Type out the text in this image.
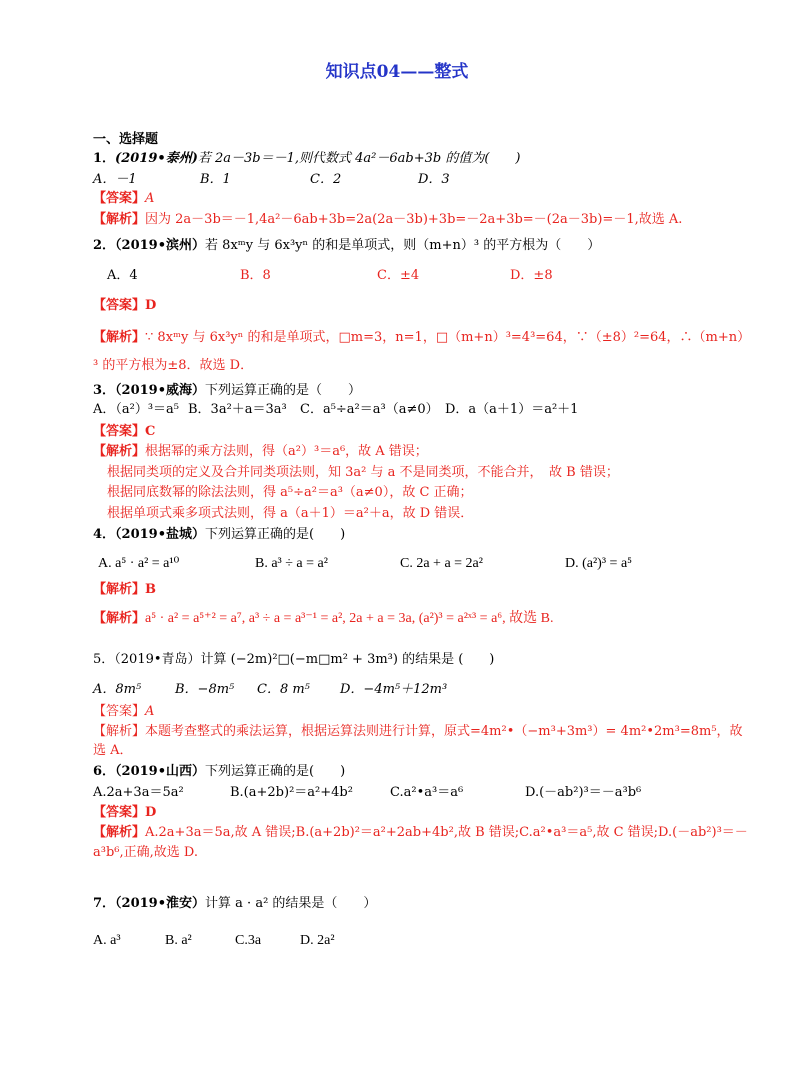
知识点04——整式
一、选择题
1．(2019•泰州)若 2a－3b＝－1,则代数式 4a²－6ab+3b 的值为(　　)
A．－1	B．1	C．2	D．3
【答案】A
【解析】因为 2a－3b＝－1,4a²－6ab+3b=2a(2a－3b)+3b=－2a+3b=－(2a－3b)=－1,故选 A.
2．（2019•滨州）若 8xᵐy 与 6x³yⁿ 的和是单项式，则（m+n）³ 的平方根为（　　）
A．4	B．8	C．±4	D．±8
【答案】D
【解析】∵ 8xᵐy 与 6x³yⁿ 的和是单项式，□m=3，n=1，□（m+n）³=4³=64，∵（±8）²=64，∴（m+n）
³ 的平方根为±8．故选 D．
3．（2019•威海）下列运算正确的是（　　）
A．（a²）³＝a⁵ B．3a²＋a＝3a³ C．a⁵÷a²＝a³（a≠0） D．a（a＋1）＝a²＋1
【答案】C
【解析】根据幂的乘方法则，得（a²）³＝a⁶，故 A 错误；
根据同类项的定义及合并同类项法则，知 3a² 与 a 不是同类项，不能合并，　故 B 错误；
根据同底数幂的除法法则，得 a⁵÷a²＝a³（a≠0），故 C 正确；
根据单项式乘多项式法则，得 a（a＋1）＝a²＋a，故 D 错误．
4．（2019•盐城）下列运算正确的是(　　)
A. a⁵ · a² = a¹⁰	B. a³ ÷ a = a²	C. 2a + a = 2a²	D. (a²)³ = a⁵
【解析】B
【解析】a⁵ · a² = a⁵⁺² = a⁷, a³ ÷ a = a³⁻¹ = a², 2a + a = 3a, (a²)³ = a²ˣ³ = a⁶, 故选 B.
5．（2019•青岛）计算 (−2m)²□(−m□m² + 3m³) 的结果是 (　　)
A．8m⁵	B．−8m⁵ C．8 m⁵ D．−4m⁵＋12m³
【答案】A
【解析】本题考查整式的乘法运算，根据运算法则进行计算，原式=4m²•（−m³+3m³）= 4m²•2m³=8m⁵，故
选 A．
6．（2019•山西）下列运算正确的是(　　)
A.2a+3a＝5a²	B.(a+2b)²＝a²+4b²	C.a²•a³＝a⁶	D.(－ab²)³＝－a³b⁶
【答案】D
【解析】A.2a+3a＝5a,故 A 错误;B.(a+2b)²＝a²+2ab+4b²,故 B 错误;C.a²•a³＝a⁵,故 C 错误;D.(－ab²)³＝－
a³b⁶,正确,故选 D.
7．（2019•淮安）计算 a · a² 的结果是（　　）
A. a³	B. a²	C.3a	D. 2a²
